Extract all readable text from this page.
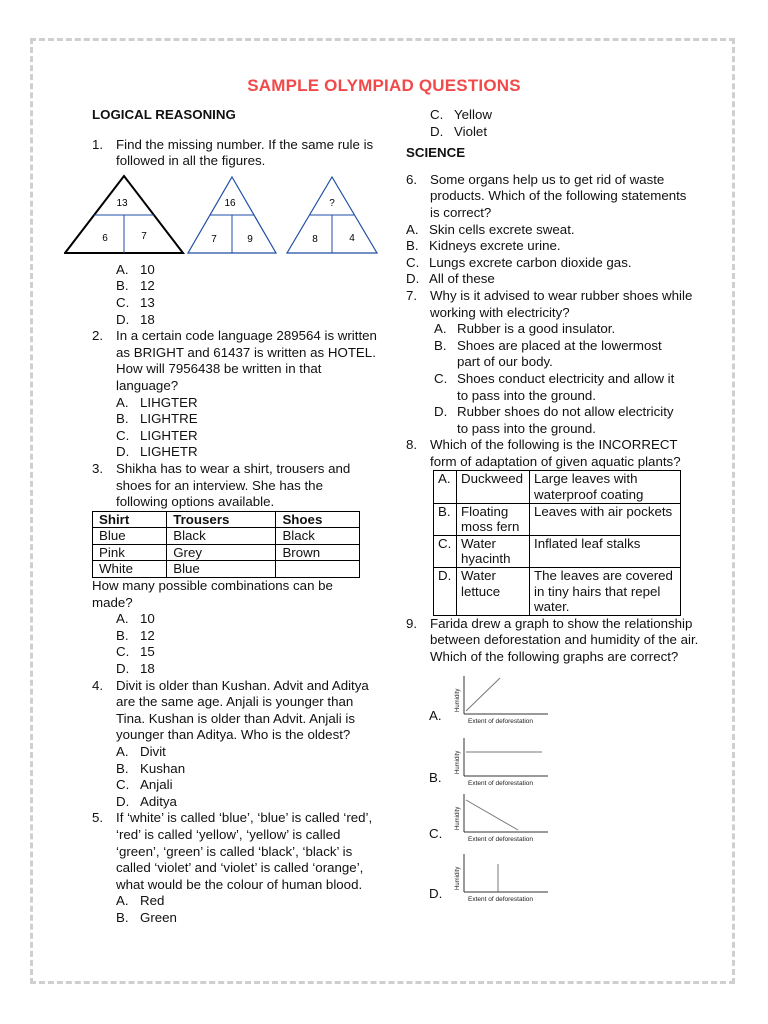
SAMPLE OLYMPIAD QUESTIONS
LOGICAL REASONING
1. Find the missing number. If the same rule is followed in all the figures.
13
6	7
16
7	9
?
8	4
A. 10
B. 12
C. 13
D. 18
2. In a certain code language 289564 is written as BRIGHT and 61437 is written as HOTEL. How will 7956438 be written in that language?
A. LIHGTER
B. LIGHTRE
C. LIGHTER
D. LIGHETR
3. Shikha has to wear a shirt, trousers and shoes for an interview. She has the following options available.
Shirt	Trousers	Shoes
Blue	Black	Black
Pink	Grey	Brown
White	Blue	
How many possible combinations can be made?
A. 10
B. 12
C. 15
D. 18
4. Divit is older than Kushan. Advit and Aditya are the same age. Anjali is younger than Tina. Kushan is older than Advit. Anjali is younger than Aditya. Who is the oldest?
A. Divit
B. Kushan
C. Anjali
D. Aditya
5. If ‘white’ is called ‘blue’, ‘blue’ is called ‘red’, ‘red’ is called ‘yellow’, ‘yellow’ is called ‘green’, ‘green’ is called ‘black’, ‘black’ is called ‘violet’ and ‘violet’ is called ‘orange’, what would be the colour of human blood.
A. Red
B. Green
C. Yellow
D. Violet
SCIENCE
6. Some organs help us to get rid of waste products. Which of the following statements is correct?
A. Skin cells excrete sweat.
B. Kidneys excrete urine.
C. Lungs excrete carbon dioxide gas.
D. All of these
7. Why is it advised to wear rubber shoes while working with electricity?
A. Rubber is a good insulator.
B. Shoes are placed at the lowermost part of our body.
C. Shoes conduct electricity and allow it to pass into the ground.
D. Rubber shoes do not allow electricity to pass into the ground.
8. Which of the following is the INCORRECT form of adaptation of given aquatic plants?
A.	Duckweed	Large leaves with waterproof coating
B.	Floating moss fern	Leaves with air pockets
C.	Water hyacinth	Inflated leaf stalks
D.	Water lettuce	The leaves are covered in tiny hairs that repel water.
9. Farida drew a graph to show the relationship between deforestation and humidity of the air. Which of the following graphs are correct?
A.
Humidity
Extent of deforestation
B.
Humidity
Extent of deforestation
C.
Humidity
Extent of deforestation
D.
Humidity
Extent of deforestation
